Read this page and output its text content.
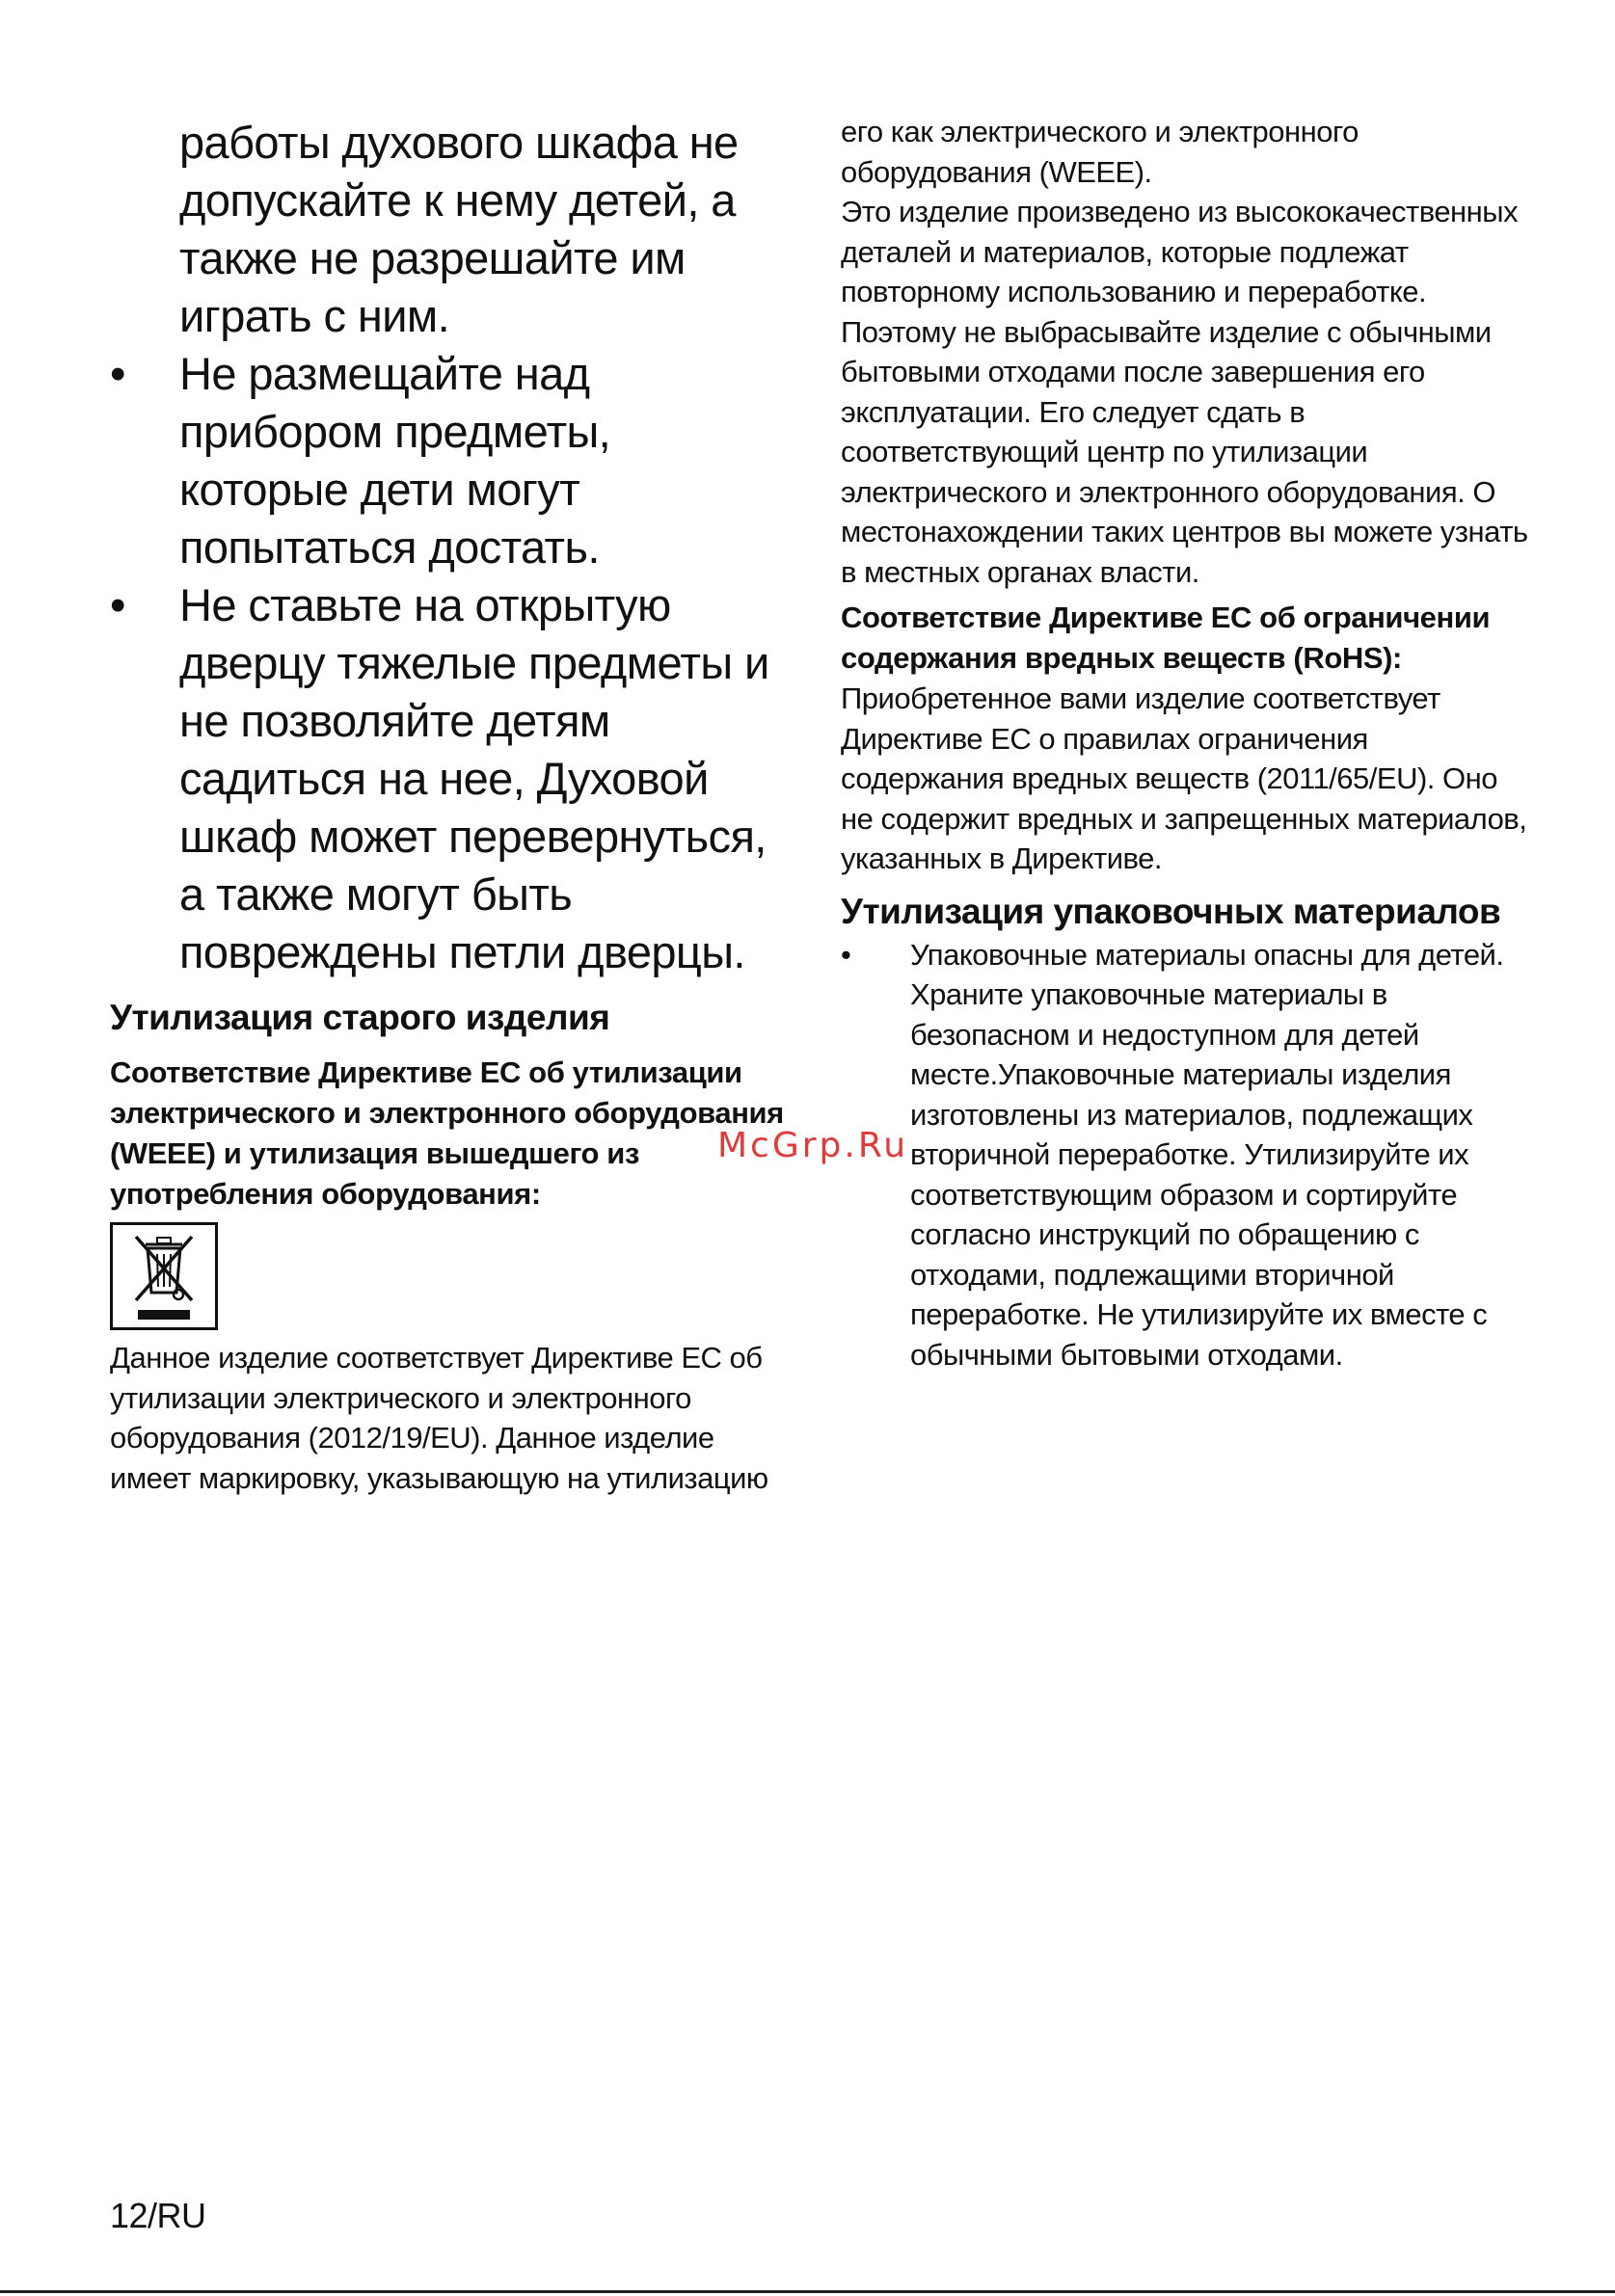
работы духового шкафа не допускайте к нему детей, а также не разрешайте им играть с ним.

•	Не размещайте над прибором предметы, которые дети могут попытаться достать.
•	Не ставьте на открытую дверцу тяжелые предметы и не позволяйте детям садиться на нее, Духовой шкаф может перевернуться, а также могут быть повреждены петли дверцы.
Утилизация старого изделия

Соответствие Директиве ЕС об утилизации электрического и электронного оборудования (WEEE) и утилизация вышедшего из употребления оборудования:

Данное изделие соответствует Директиве ЕС об утилизации электрического и электронного оборудования (2012/19/EU). Данное изделие имеет маркировку, указывающую на утилизацию

его как электрического и электронного оборудования (WEEE).

Это изделие произведено из высококачественных деталей и материалов, которые подлежат повторному использованию и переработке. Поэтому не выбрасывайте изделие с обычными бытовыми отходами после завершения его эксплуатации. Его следует сдать в соответствующий центр по утилизации электрического и электронного оборудования. О местонахождении таких центров вы можете узнать в местных органах власти.

Соответствие Директиве ЕС об ограничении содержания вредных веществ (RoHS):

Приобретенное вами изделие соответствует Директиве ЕС о правилах ограничения содержания вредных веществ (2011/65/EU). Оно не содержит вредных и запрещенных материалов, указанных в Директиве.

Утилизация упаковочных материалов
• Упаковочные материалы опасны для детей. Храните упаковочные материалы в безопасном и недоступном для детей месте.Упаковочные материалы изделия изготовлены из материалов, подлежащих вторичной переработке. Утилизируйте их соответствующим образом и сортируйте согласно инструкций по обращению с отходами, подлежащими вторичной переработке. Не утилизируйте их вместе с обычными бытовыми отходами.
McGrp.Ru
12/RU
